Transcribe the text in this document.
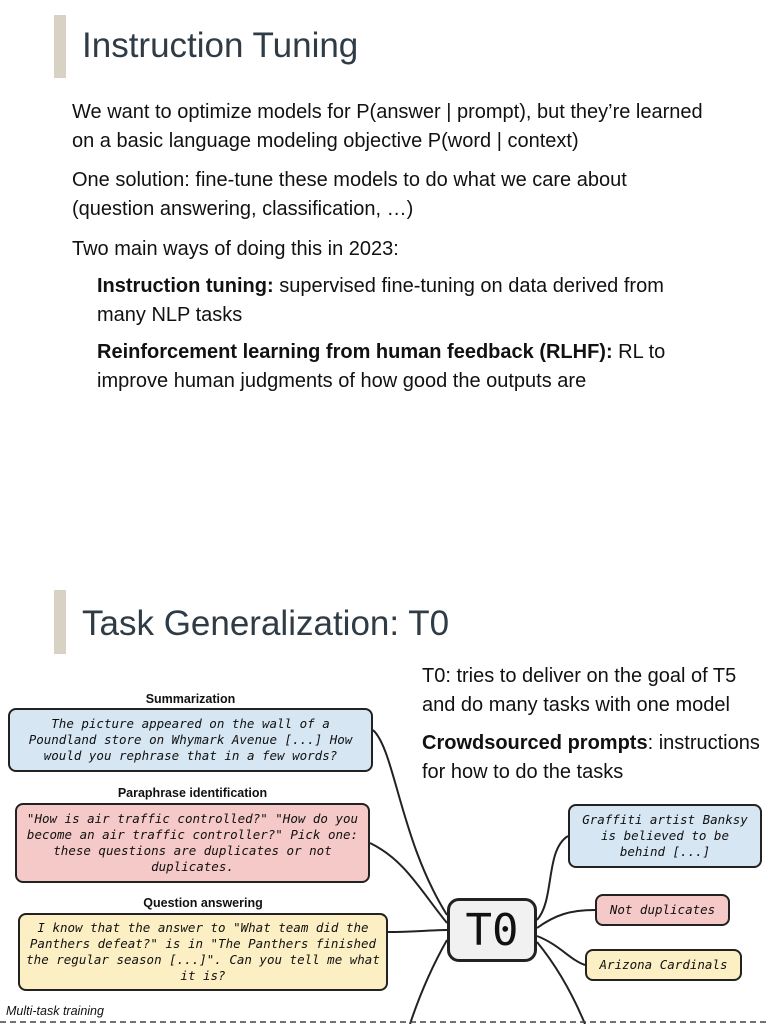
Instruction Tuning

We want to optimize models for P(answer | prompt), but they’re learned on a basic language modeling objective P(word | context)

One solution: fine-tune these models to do what we care about (question answering, classification, …)

Two main ways of doing this in 2023:

Instruction tuning: supervised fine-tuning on data derived from many NLP tasks

Reinforcement learning from human feedback (RLHF): RL to improve human judgments of how good the outputs are

Task Generalization: T0

T0: tries to deliver on the goal of T5 and do many tasks with one model

Crowdsourced prompts: instructions for how to do the tasks

Summarization
The picture appeared on the wall of a Poundland store on Whymark Avenue [...] How would you rephrase that in a few words?
Paraphrase identification
"How is air traffic controlled?" "How do you become an air traffic controller?" Pick one: these questions are duplicates or not duplicates.
Question answering
I know that the answer to "What team did the Panthers defeat?" is in "The Panthers finished the regular season [...]". Can you tell me what it is?
T0
Graffiti artist Banksy is believed to be behind [...]
Not duplicates
Arizona Cardinals
Multi-task training
